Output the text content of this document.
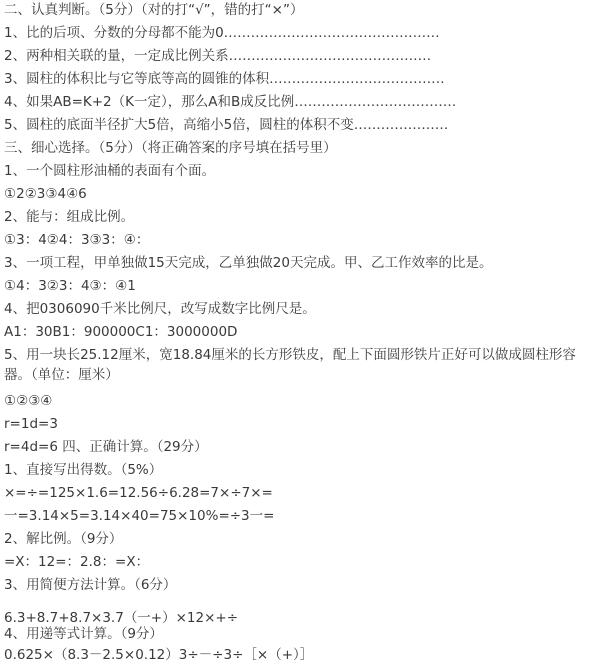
二、认真判断。（5分）（对的打“√”，错的打“×”）
1、比的后项、分数的分母都不能为0…………………………………………
2、两种相关联的量，一定成比例关系………………………………………
3、圆柱的体积比与它等底等高的圆锥的体积…………………………………
4、如果AB=K+2（K一定），那么A和B成反比例………………………………
5、圆柱的底面半径扩大5倍，高缩小5倍，圆柱的体积不变…………………
三、细心选择。（5分）（将正确答案的序号填在括号里）
1、一个圆柱形油桶的表面有个面。
①2②3③4④6
2、能与：组成比例。
①3：4②4：3③3：④：
3、一项工程，甲单独做15天完成，乙单独做20天完成。甲、乙工作效率的比是。
①4：3②3：4③：④1
4、把0306090千米比例尺，改写成数字比例尺是。
A1：30B1：900000C1：3000000D
5、用一块长25.12厘米，宽18.84厘米的长方形铁皮，配上下面圆形铁片正好可以做成圆柱形容器。（单位：厘米）
①②③④
r=1d=3
r=4d=6 四、正确计算。（29分）
1、直接写出得数。（5%）
×=÷=125×1.6=12.56÷6.28=7×÷7×=
一=3.14×5=3.14×40=75×10%=÷3一=
2、解比例。（9分）
=X：12=：2.8：=X：
3、用简便方法计算。（6分）
6.3+8.7+8.7×3.7（一+）×12×+÷
4、用递等式计算。（9分）
0.625×（8.3－2.5×0.12）3÷－÷3÷［×（+）］
